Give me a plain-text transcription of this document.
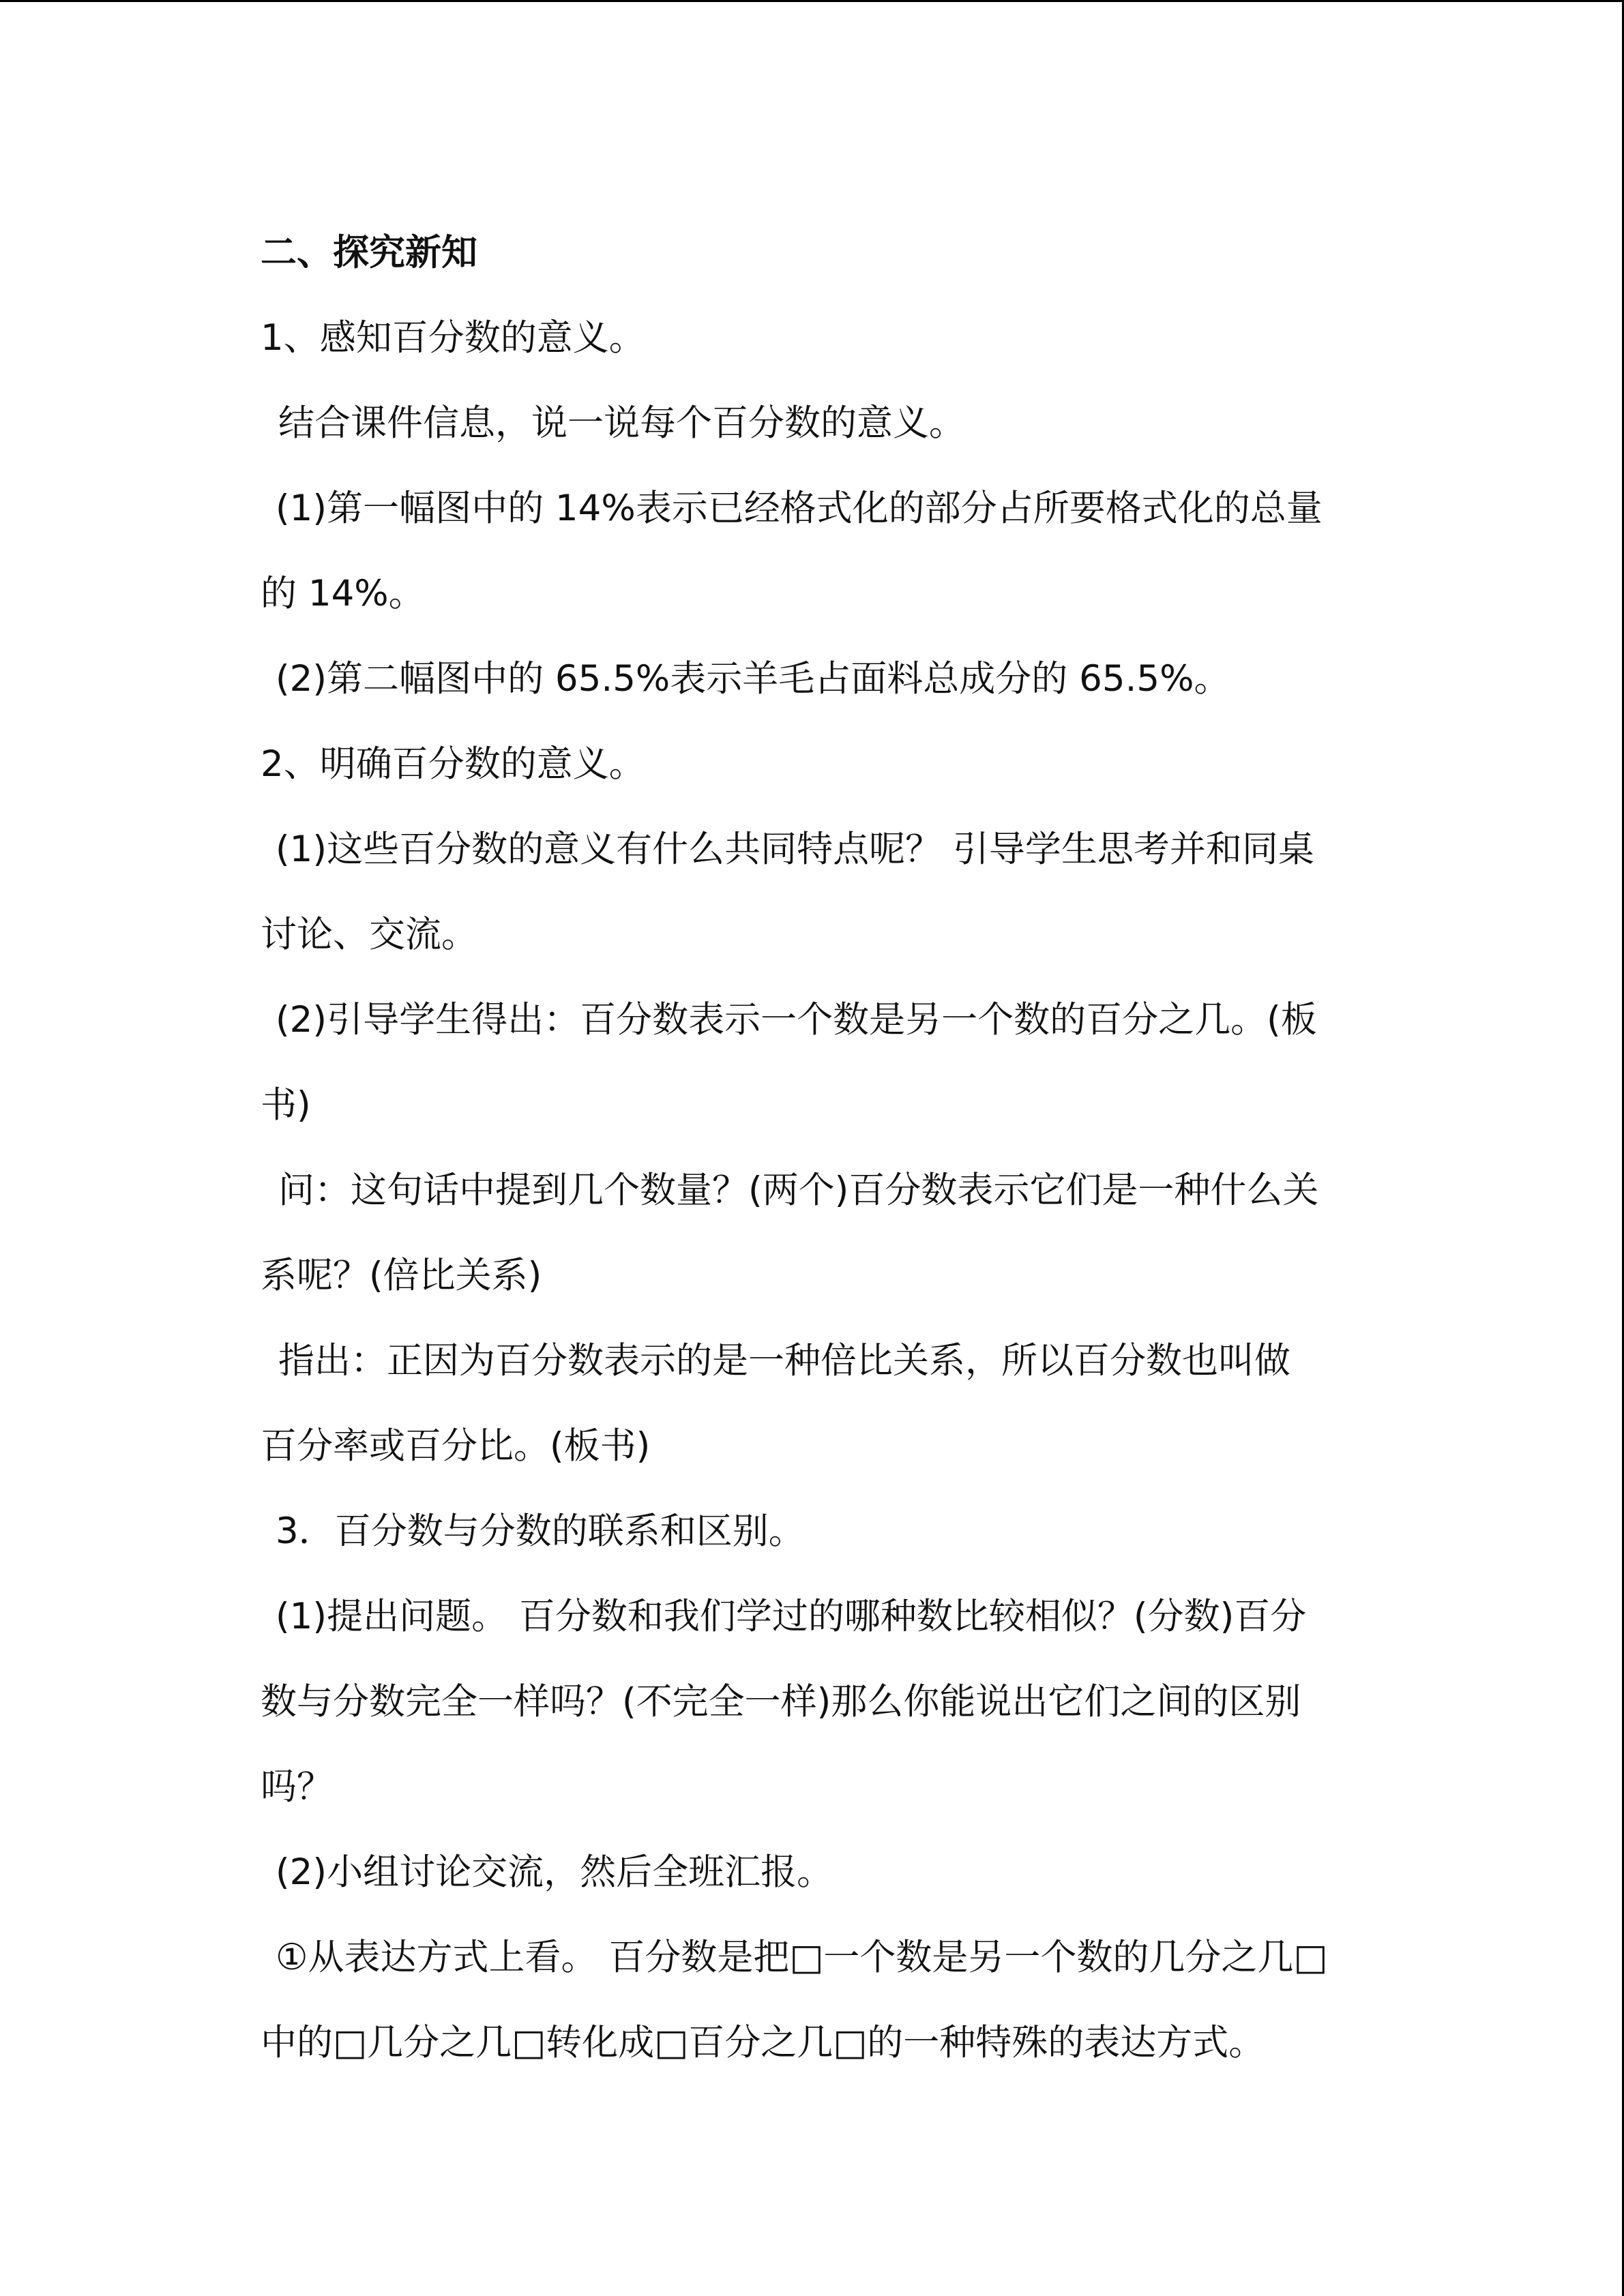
二、探究新知
1、感知百分数的意义。
结合课件信息，说一说每个百分数的意义。
(1)第一幅图中的 14%表示已经格式化的部分占所要格式化的总量
的 14%。
(2)第二幅图中的 65.5%表示羊毛占面料总成分的 65.5%。
2、明确百分数的意义。
(1)这些百分数的意义有什么共同特点呢？ 引导学生思考并和同桌
讨论、交流。
(2)引导学生得出：百分数表示一个数是另一个数的百分之几。(板
书)
问：这句话中提到几个数量？(两个)百分数表示它们是一种什么关
系呢？(倍比关系)
指出：正因为百分数表示的是一种倍比关系，所以百分数也叫做
百分率或百分比。(板书)
3．百分数与分数的联系和区别。
(1)提出问题。 百分数和我们学过的哪种数比较相似？(分数)百分
数与分数完全一样吗？(不完全一样)那么你能说出它们之间的区别
吗？
(2)小组讨论交流，然后全班汇报。
①从表达方式上看。 百分数是把□一个数是另一个数的几分之几□
中的□几分之几□转化成□百分之几□的一种特殊的表达方式。
